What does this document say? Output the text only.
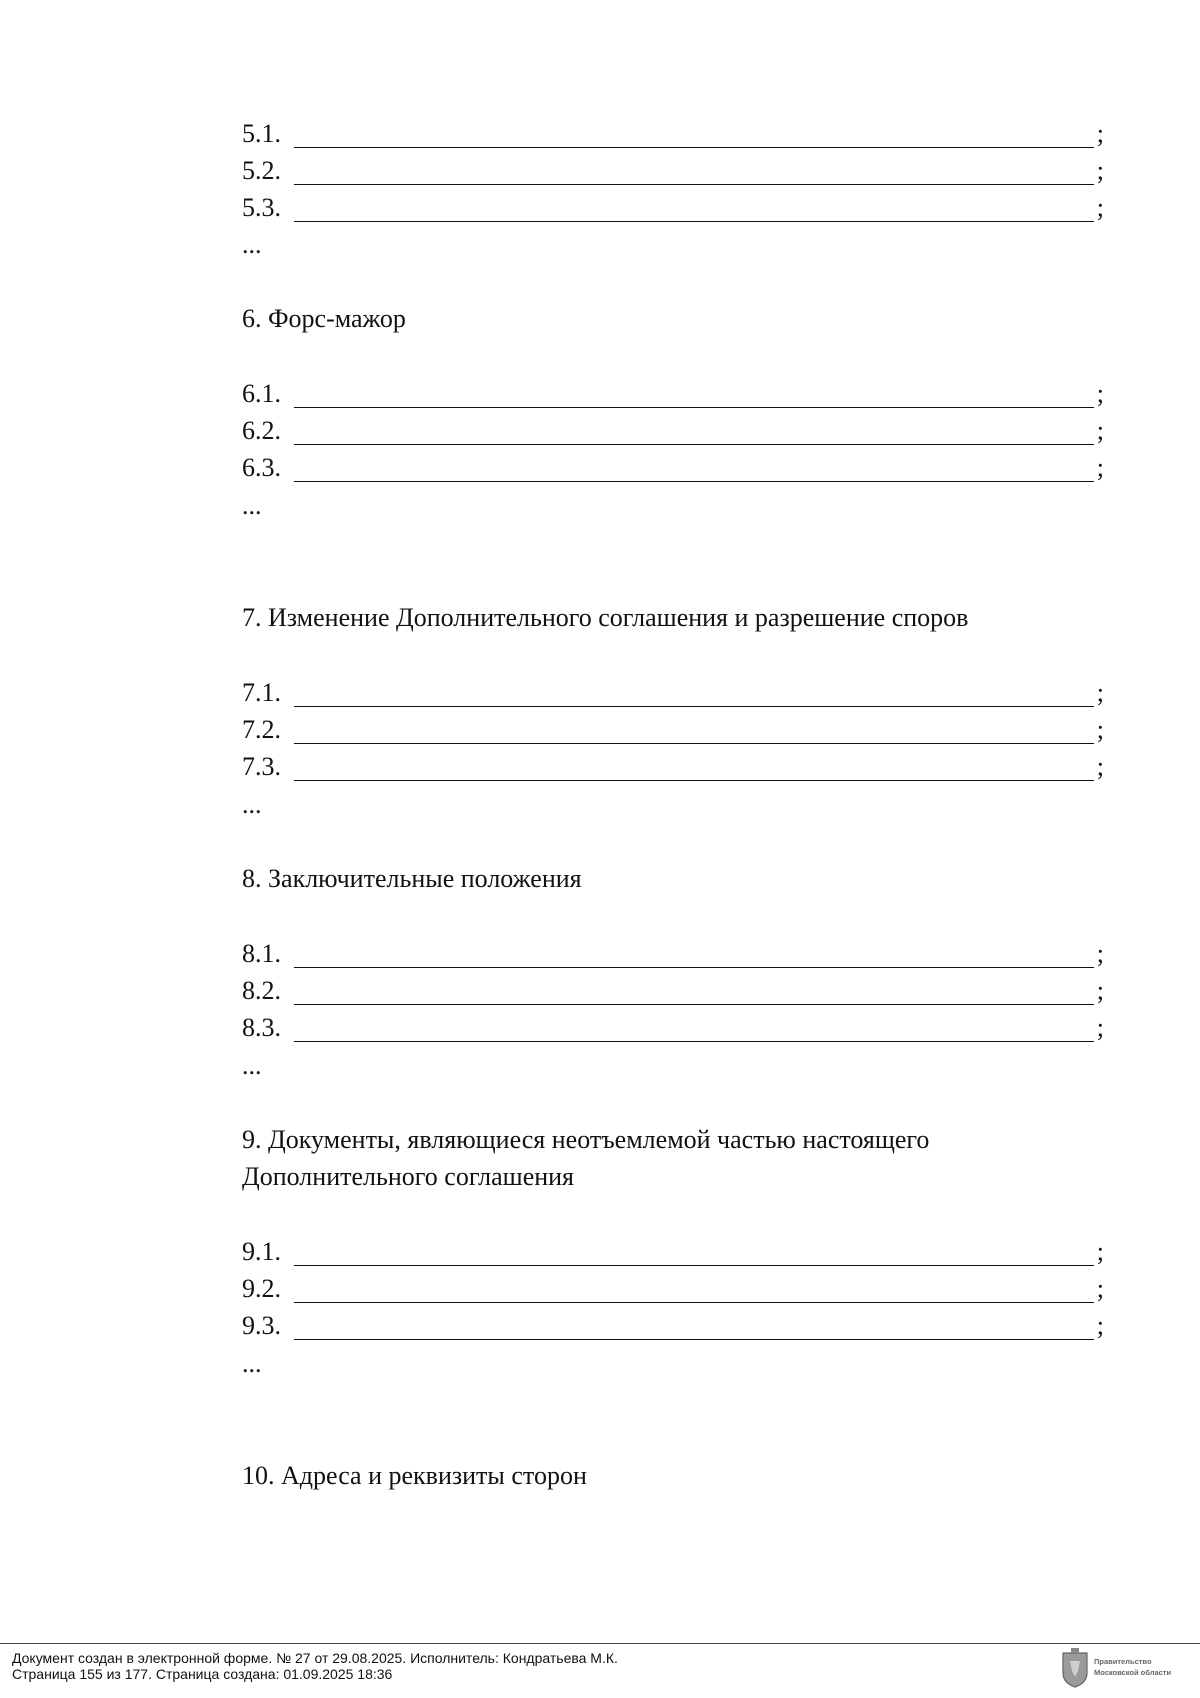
5.1.	;
5.2.	;
5.3.	;
...
6. Форс-мажор
6.1.	;
6.2.	;
6.3.	;
...
7. Изменение Дополнительного соглашения и разрешение споров
7.1.	;
7.2.	;
7.3.	;
...
8. Заключительные положения
8.1.	;
8.2.	;
8.3.	;
...
9. Документы, являющиеся неотъемлемой частью настоящего
Дополнительного соглашения
9.1.	;
9.2.	;
9.3.	;
...
10. Адреса и реквизиты сторон
Документ создан в электронной форме. № 27 от 29.08.2025. Исполнитель: Кондратьева М.К.
Страница 155 из 177. Страница создана: 01.09.2025 18:36
Правительство
Московской области
